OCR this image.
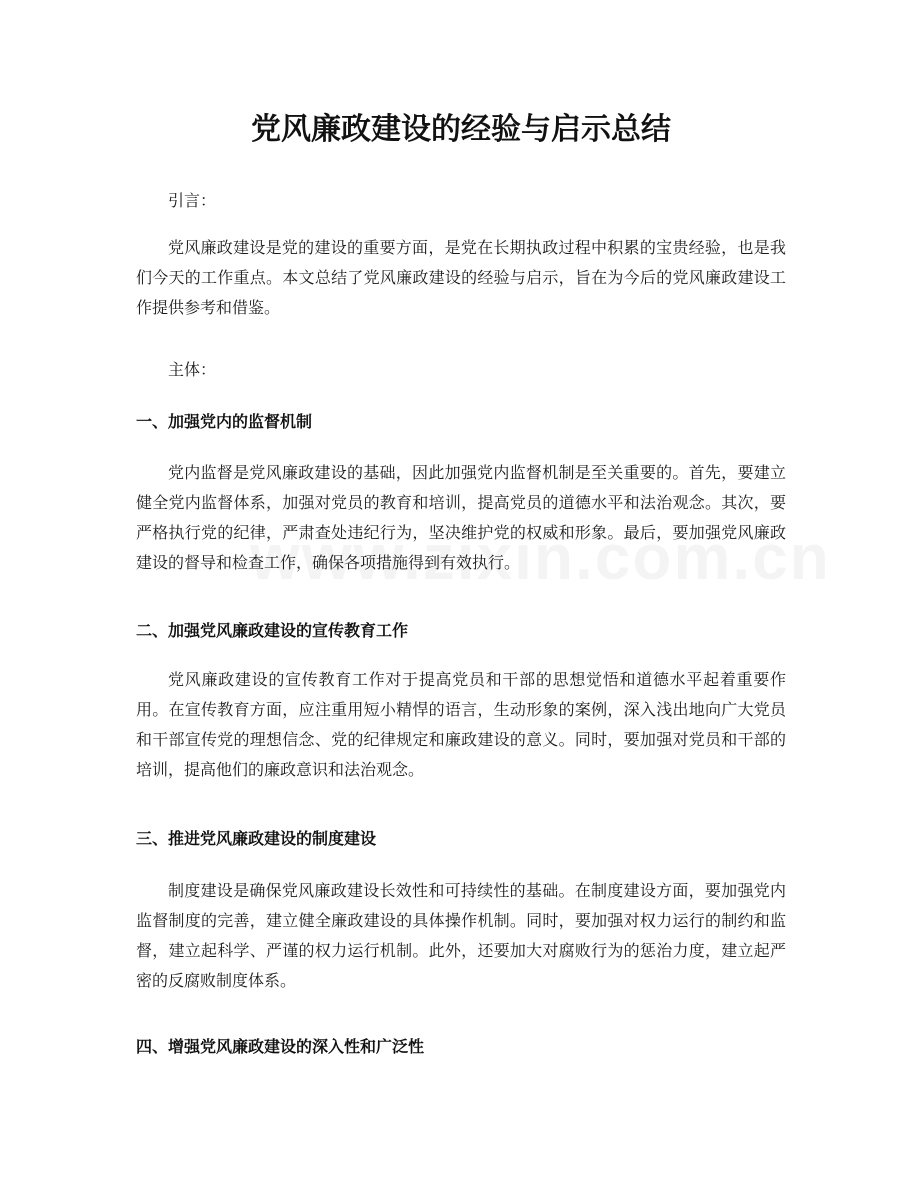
党风廉政建设的经验与启示总结
引言：
党风廉政建设是党的建设的重要方面，是党在长期执政过程中积累的宝贵经验，也是我们今天的工作重点。本文总结了党风廉政建设的经验与启示，旨在为今后的党风廉政建设工作提供参考和借鉴。
主体：
一、加强党内的监督机制
党内监督是党风廉政建设的基础，因此加强党内监督机制是至关重要的。首先，要建立健全党内监督体系，加强对党员的教育和培训，提高党员的道德水平和法治观念。其次，要严格执行党的纪律，严肃查处违纪行为，坚决维护党的权威和形象。最后，要加强党风廉政建设的督导和检查工作，确保各项措施得到有效执行。
二、加强党风廉政建设的宣传教育工作
党风廉政建设的宣传教育工作对于提高党员和干部的思想觉悟和道德水平起着重要作用。在宣传教育方面，应注重用短小精悍的语言，生动形象的案例，深入浅出地向广大党员和干部宣传党的理想信念、党的纪律规定和廉政建设的意义。同时，要加强对党员和干部的培训，提高他们的廉政意识和法治观念。
三、推进党风廉政建设的制度建设
制度建设是确保党风廉政建设长效性和可持续性的基础。在制度建设方面，要加强党内监督制度的完善，建立健全廉政建设的具体操作机制。同时，要加强对权力运行的制约和监督，建立起科学、严谨的权力运行机制。此外，还要加大对腐败行为的惩治力度，建立起严密的反腐败制度体系。
四、增强党风廉政建设的深入性和广泛性
